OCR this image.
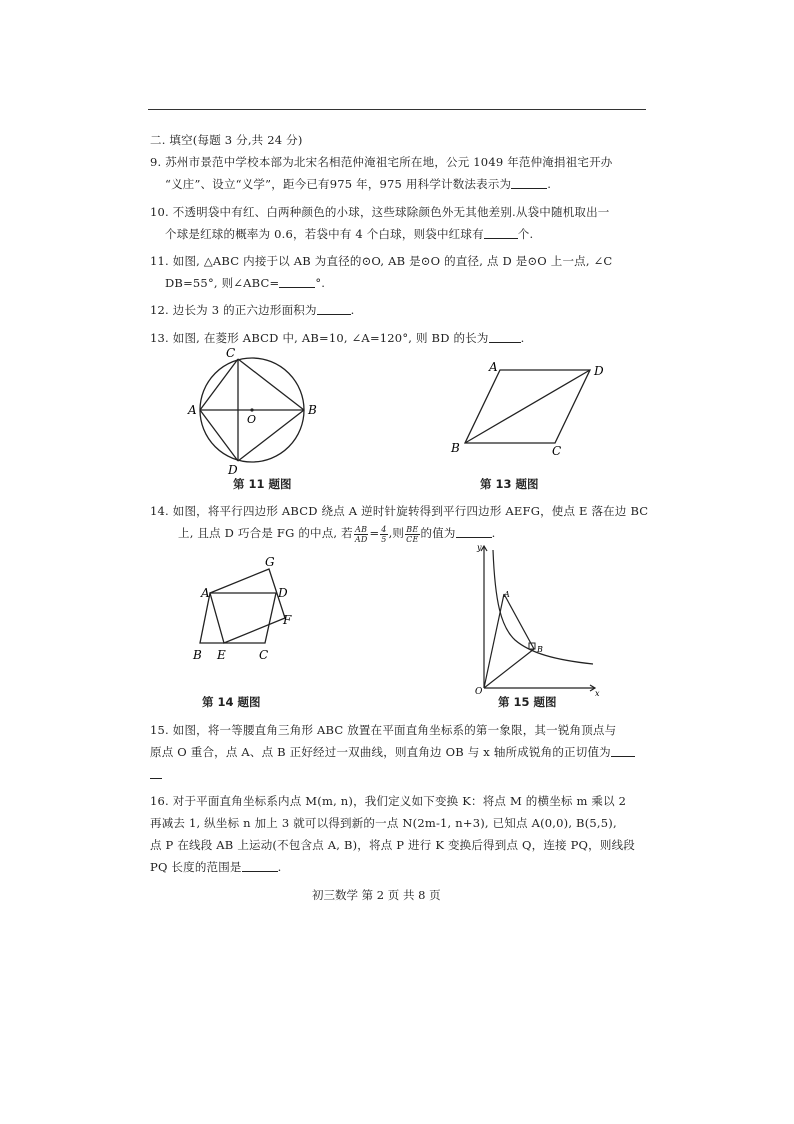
二. 填空(每题 3 分,共 24 分)
9. 苏州市景范中学校本部为北宋名相范仲淹祖宅所在地，公元 1049 年范仲淹捐祖宅开办
“义庄”、设立“义学”，距今已有975 年，975 用科学计数法表示为	.
10. 不透明袋中有红、白两种颜色的小球，这些球除颜色外无其他差别.从袋中随机取出一
个球是红球的概率为 0.6，若袋中有 4 个白球，则袋中红球有	个.
11. 如图, △ABC 内接于以 AB 为直径的⊙O, AB 是⊙O 的直径, 点 D 是⊙O 上一点, ∠C
DB=55°, 则∠ABC=	°.
12. 边长为 3 的正六边形面积为	.
13. 如图, 在菱形 ABCD 中, AB=10, ∠A=120°, 则 BD 的长为	.
C
A	B
O
D
第 11 题图
A	D
B	C
第 13 题图
14. 如图，将平行四边形 ABCD 绕点 A 逆时针旋转得到平行四边形 AEFG，使点 E 落在边 BC
上, 且点 D 巧合是 FG 的中点, 若 $\frac{AB}{AD} = \frac{4}{5}$ ,则 $\frac{BE}{CE}$ 的值为	.
A
G
D
F
B E	C
第 14 题图
y
x
O
A
B
第 15 题图
15. 如图，将一等腰直角三角形 ABC 放置在平面直角坐标系的第一象限，其一锐角顶点与
原点 O 重合，点 A、点 B 正好经过一双曲线，则直角边 OB 与 x 轴所成锐角的正切值为
16. 对于平面直角坐标系内点 M(m, n)，我们定义如下变换 K：将点 M 的横坐标 m 乘以 2
再减去 1, 纵坐标 n 加上 3 就可以得到新的一点 N(2m-1, n+3), 已知点 A(0,0), B(5,5),
点 P 在线段 AB 上运动(不包含点 A, B)，将点 P 进行 K 变换后得到点 Q，连接 PQ，则线段
PQ 长度的范围是	.
初三数学 第 2 页 共 8 页
